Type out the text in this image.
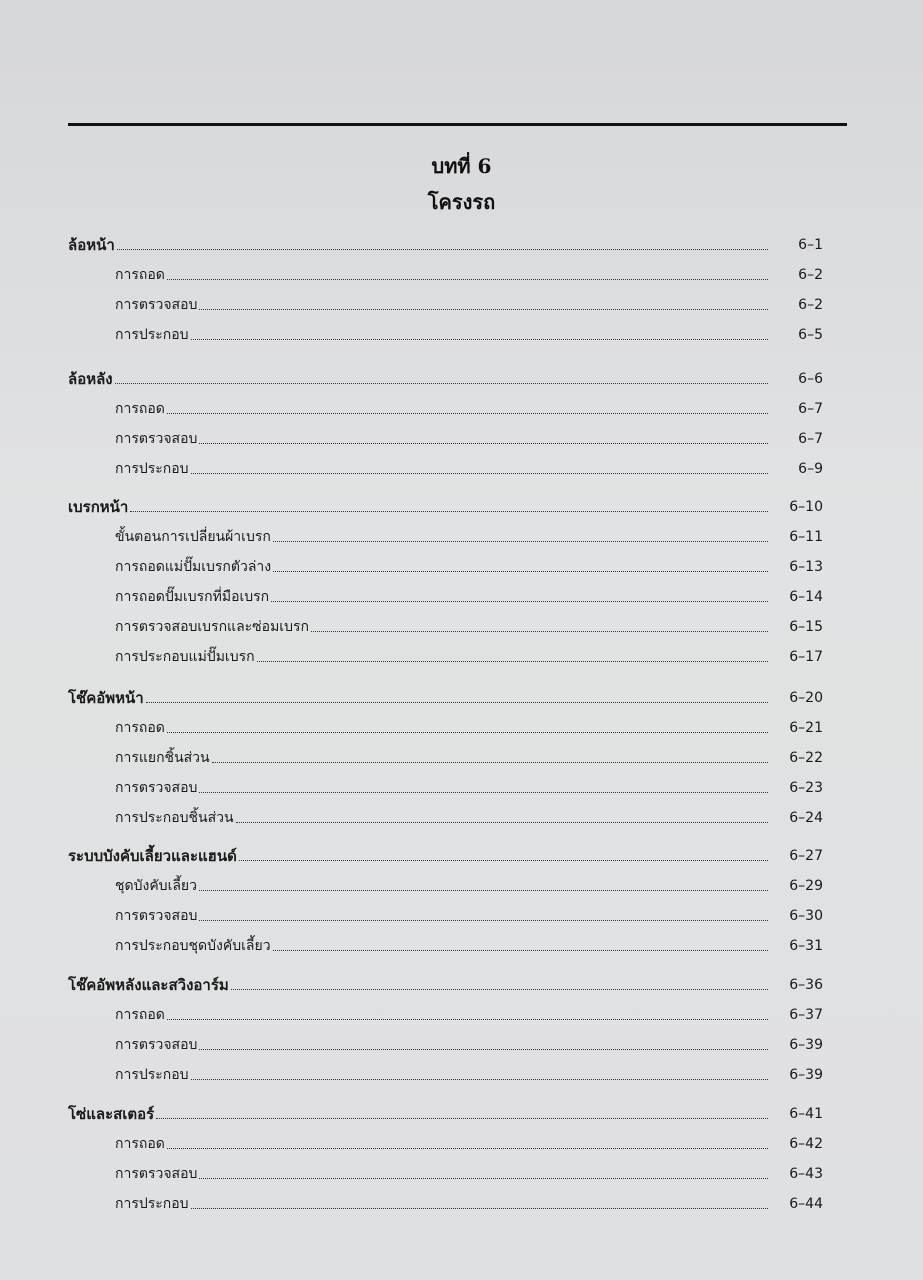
บทที่ 6
โครงรถ
ล้อหน้า	6–1
การถอด	6–2
การตรวจสอบ	6–2
การประกอบ	6–5
ล้อหลัง	6–6
การถอด	6–7
การตรวจสอบ	6–7
การประกอบ	6–9
เบรกหน้า	6–10
ขั้นตอนการเปลี่ยนผ้าเบรก	6–11
การถอดแม่ปั๊มเบรกตัวล่าง	6–13
การถอดปั๊มเบรกที่มือเบรก	6–14
การตรวจสอบเบรกและซ่อมเบรก	6–15
การประกอบแม่ปั๊มเบรก	6–17
โช๊คอัพหน้า	6–20
การถอด	6–21
การแยกชิ้นส่วน	6–22
การตรวจสอบ	6–23
การประกอบชิ้นส่วน	6–24
ระบบบังคับเลี้ยวและแฮนด์	6–27
ชุดบังคับเลี้ยว	6–29
การตรวจสอบ	6–30
การประกอบชุดบังคับเลี้ยว	6–31
โช๊คอัพหลังและสวิงอาร์ม	6–36
การถอด	6–37
การตรวจสอบ	6–39
การประกอบ	6–39
โซ่และสเตอร์	6–41
การถอด	6–42
การตรวจสอบ	6–43
การประกอบ	6–44
